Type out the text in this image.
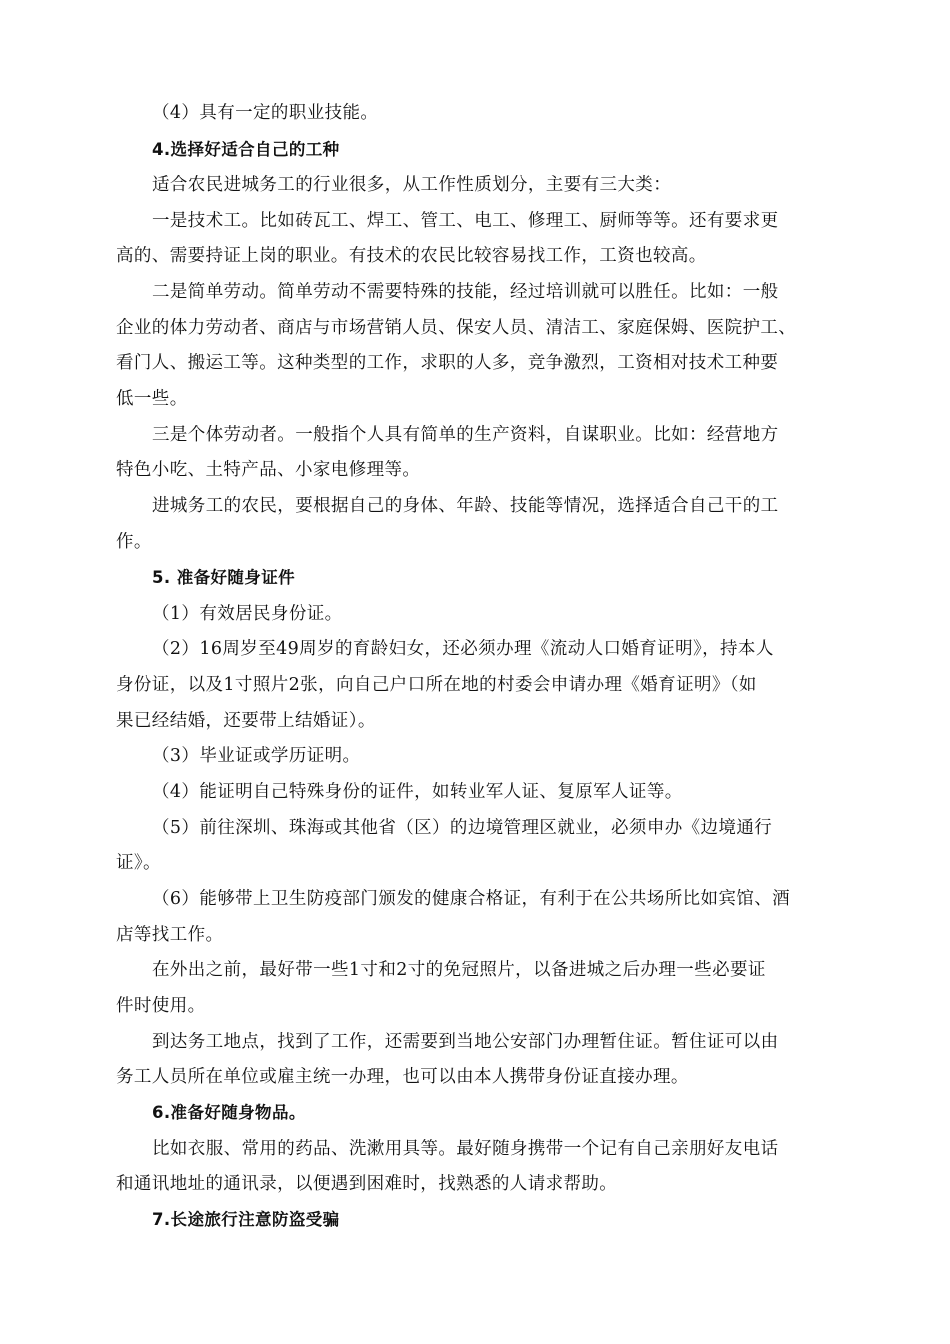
（4）具有一定的职业技能。
4.选择好适合自己的工种
适合农民进城务工的行业很多，从工作性质划分，主要有三大类：
一是技术工。比如砖瓦工、焊工、管工、电工、修理工、厨师等等。还有要求更
高的、需要持证上岗的职业。有技术的农民比较容易找工作，工资也较高。
二是简单劳动。简单劳动不需要特殊的技能，经过培训就可以胜任。比如：一般
企业的体力劳动者、商店与市场营销人员、保安人员、清洁工、家庭保姆、医院护工、
看门人、搬运工等。这种类型的工作，求职的人多，竞争激烈，工资相对技术工种要
低一些。
三是个体劳动者。一般指个人具有简单的生产资料，自谋职业。比如：经营地方
特色小吃、土特产品、小家电修理等。
进城务工的农民，要根据自己的身体、年龄、技能等情况，选择适合自己干的工
作。
5. 准备好随身证件
（1）有效居民身份证。
（2）16周岁至49周岁的育龄妇女，还必须办理《流动人口婚育证明》，持本人
身份证，以及1寸照片2张，向自己户口所在地的村委会申请办理《婚育证明》（如
果已经结婚，还要带上结婚证）。
（3）毕业证或学历证明。
（4）能证明自己特殊身份的证件，如转业军人证、复原军人证等。
（5）前往深圳、珠海或其他省（区）的边境管理区就业，必须申办《边境通行
证》。
（6）能够带上卫生防疫部门颁发的健康合格证，有利于在公共场所比如宾馆、酒
店等找工作。
在外出之前，最好带一些1寸和2寸的免冠照片，以备进城之后办理一些必要证
件时使用。
到达务工地点，找到了工作，还需要到当地公安部门办理暂住证。暂住证可以由
务工人员所在单位或雇主统一办理，也可以由本人携带身份证直接办理。
6.准备好随身物品。
比如衣服、常用的药品、洗漱用具等。最好随身携带一个记有自己亲朋好友电话
和通讯地址的通讯录，以便遇到困难时，找熟悉的人请求帮助。
7.长途旅行注意防盗受骗
